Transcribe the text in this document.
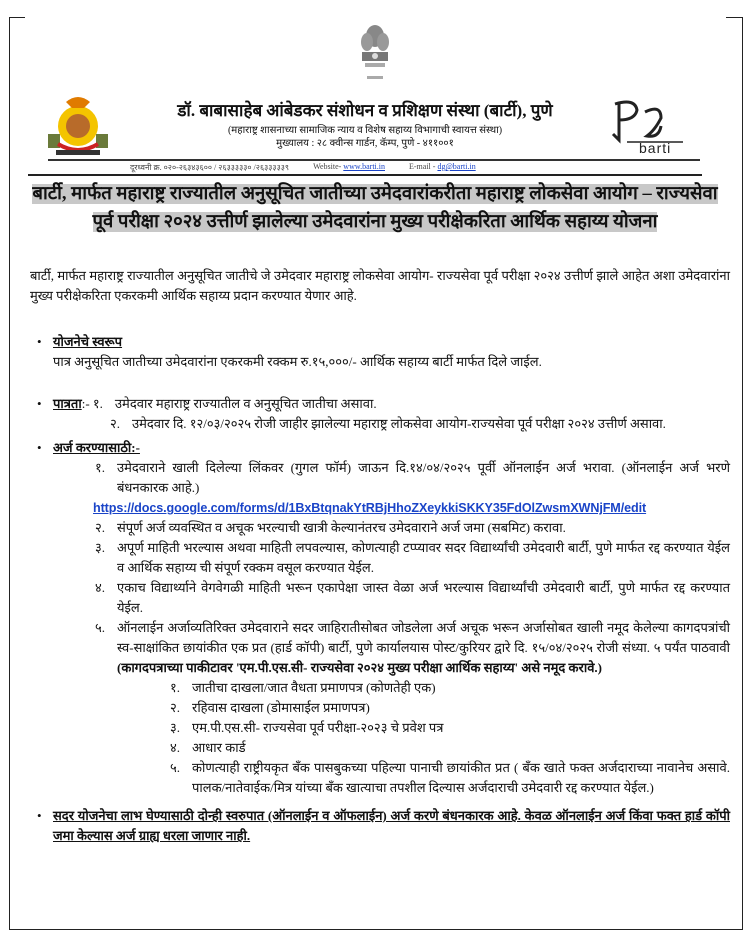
barti
डॉ. बाबासाहेब आंबेडकर संशोधन व प्रशिक्षण संस्था (बार्टी), पुणे
(महाराष्ट्र शासनाच्या सामाजिक न्याय व विशेष सहाय्य विभागाची स्वायत्त संस्था)
मुख्यालय : २८ क्वीन्स गार्डन, कॅम्प, पुणे - ४११००१
दूरध्वनी क्र. ०२०-२६३४३६०० / २६३३३३३० /२६३३३३३९	Website- www.barti.in	E-mail - dg@barti.in
बार्टी, मार्फत महाराष्ट्र राज्यातील अनुसूचित जातीच्या उमेदवारांकरीता महाराष्ट्र लोकसेवा आयोग – राज्यसेवा पूर्व परीक्षा २०२४ उत्तीर्ण झालेल्या उमेदवारांना मुख्य परीक्षेकरिता आर्थिक सहाय्य योजना
बार्टी, मार्फत महाराष्ट्र राज्यातील अनुसूचित जातीचे जे उमेदवार महाराष्ट्र लोकसेवा आयोग- राज्यसेवा पूर्व परीक्षा २०२४ उत्तीर्ण झाले आहेत अशा उमेदवारांना मुख्य परीक्षेकरिता एकरकमी आर्थिक सहाय्य प्रदान करण्यात येणार आहे.
• योजनेचे स्वरूप
पात्र अनुसूचित जातीच्या उमेदवारांना एकरकमी रक्कम रु.१५,०००/- आर्थिक सहाय्य बार्टी मार्फत दिले जाईल.
• पात्रता:- १. उमेदवार महाराष्ट्र राज्यातील व अनुसूचित जातीचा असावा.
२. उमेदवार दि. १२/०३/२०२५ रोजी जाहीर झालेल्या महाराष्ट्र लोकसेवा आयोग-राज्यसेवा पूर्व परीक्षा २०२४ उत्तीर्ण असावा.
• अर्ज करण्यासाठी:-
१. उमेदवाराने खाली दिलेल्या लिंकवर (गुगल फॉर्म) जाऊन दि.१४/०४/२०२५ पूर्वी ऑनलाईन अर्ज भरावा. (ऑनलाईन अर्ज भरणे बंधनकारक आहे.)
https://docs.google.com/forms/d/1BxBtqnakYtRBjHhoZXeykkiSKKY35FdOlZwsmXWNjFM/edit
२. संपूर्ण अर्ज व्यवस्थित व अचूक भरल्याची खात्री केल्यानंतरच उमेदवाराने अर्ज जमा (सबमिट) करावा.
३. अपूर्ण माहिती भरल्यास अथवा माहिती लपवल्यास, कोणत्याही टप्प्यावर सदर विद्यार्थ्यांची उमेदवारी बार्टी, पुणे मार्फत रद्द करण्यात येईल व आर्थिक सहाय्य ची संपूर्ण रक्कम वसूल करण्यात येईल.
४. एकाच विद्यार्थ्याने वेगवेगळी माहिती भरून एकापेक्षा जास्त वेळा अर्ज भरल्यास विद्यार्थ्यांची उमेदवारी बार्टी, पुणे मार्फत रद्द करण्यात येईल.
५. ऑनलाईन अर्जाव्यतिरिक्त उमेदवाराने सदर जाहिरातीसोबत जोडलेला अर्ज अचूक भरून अर्जासोबत खाली नमूद केलेल्या कागदपत्रांची स्व-साक्षांकित छायांकीत एक प्रत (हार्ड कॉपी) बार्टी, पुणे कार्यालयास पोस्ट/कुरियर द्वारे दि. १५/०४/२०२५ रोजी संध्या. ५ पर्यंत पाठवावी (कागदपत्राच्या पाकीटावर 'एम.पी.एस.सी- राज्यसेवा २०२४ मुख्य परीक्षा आर्थिक सहाय्य' असे नमूद करावे.)
१. जातीचा दाखला/जात वैधता प्रमाणपत्र (कोणतेही एक)
२. रहिवास दाखला (डोमासाईल प्रमाणपत्र)
३. एम.पी.एस.सी- राज्यसेवा पूर्व परीक्षा-२०२३ चे प्रवेश पत्र
४. आधार कार्ड
५. कोणत्याही राष्ट्रीयकृत बँक पासबुकच्या पहिल्या पानाची छायांकीत प्रत ( बँक खाते फक्त अर्जदाराच्या नावानेच असावे. पालक/नातेवाईक/मित्र यांच्या बँक खात्याचा तपशील दिल्यास अर्जदाराची उमेदवारी रद्द करण्यात येईल.)
• सदर योजनेचा लाभ घेण्यासाठी दोन्ही स्वरुपात (ऑनलाईन व ऑफलाईन) अर्ज करणे बंधनकारक आहे. केवळ ऑनलाईन अर्ज किंवा फक्त हार्ड कॉपी जमा केल्यास अर्ज ग्राह्य धरला जाणार नाही.
